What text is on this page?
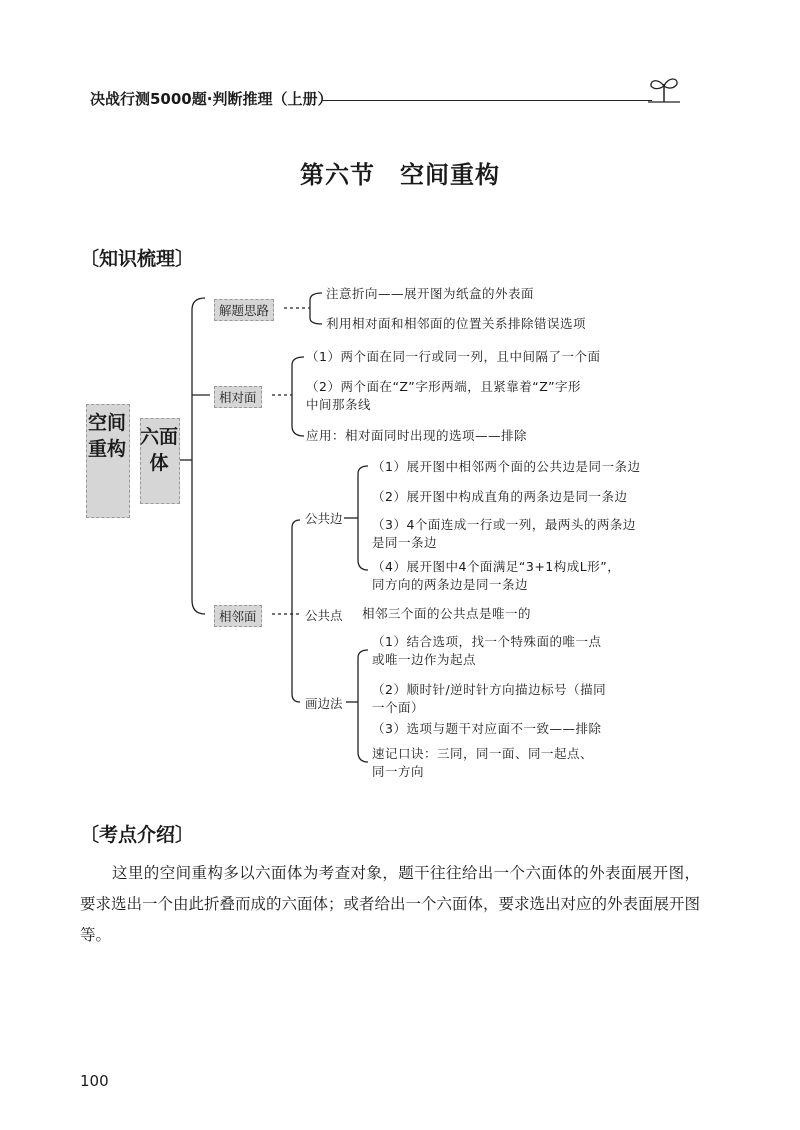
决战行测5000题·判断推理（上册）
第六节　空间重构
〔知识梳理〕
空间重构
六面体
解题思路
注意折向——展开图为纸盒的外表面
利用相对面和相邻面的位置关系排除错误选项
相对面
（1）两个面在同一行或同一列，且中间隔了一个面
（2）两个面在“Z”字形两端，且紧靠着“Z”字形
中间那条线
应用：相对面同时出现的选项——排除
相邻面
公共边
（1）展开图中相邻两个面的公共边是同一条边
（2）展开图中构成直角的两条边是同一条边
（3）4个面连成一行或一列，最两头的两条边
是同一条边
（4）展开图中4个面满足“3+1构成L形”，
同方向的两条边是同一条边
公共点 相邻三个面的公共点是唯一的
画边法
（1）结合选项，找一个特殊面的唯一点
或唯一边作为起点
（2）顺时针/逆时针方向描边标号（描同
一个面）
（3）选项与题干对应面不一致——排除
速记口诀：三同，同一面、同一起点、
同一方向
〔考点介绍〕
这里的空间重构多以六面体为考查对象，题干往往给出一个六面体的外表面展开图，要求选出一个由此折叠而成的六面体；或者给出一个六面体，要求选出对应的外表面展开图等。
100
